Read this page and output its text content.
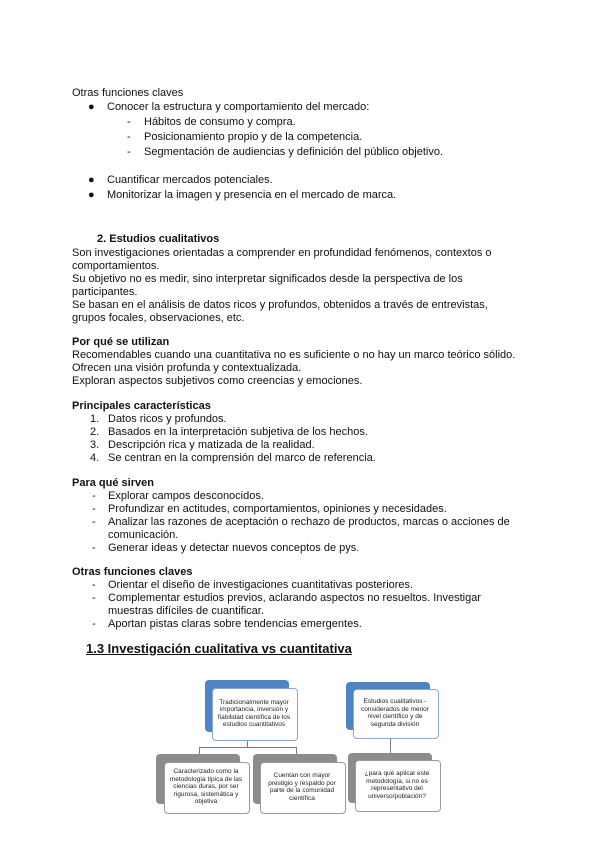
Otras funciones claves
● Conocer la estructura y comportamiento del mercado:
- Hábitos de consumo y compra.
- Posicionamiento propio y de la competencia.
- Segmentación de audiencias y definición del público objetivo.
● Cuantificar mercados potenciales.
● Monitorizar la imagen y presencia en el mercado de marca.
2. Estudios cualitativos
Son investigaciones orientadas a comprender en profundidad fenómenos, contextos o
comportamientos.
Su objetivo no es medir, sino interpretar significados desde la perspectiva de los
participantes.
Se basan en el análisis de datos ricos y profundos, obtenidos a través de entrevistas,
grupos focales, observaciones, etc.
Por qué se utilizan
Recomendables cuando una cuantitativa no es suficiente o no hay un marco teórico sólido.
Ofrecen una visión profunda y contextualizada.
Exploran aspectos subjetivos como creencias y emociones.
Principales características
1. Datos ricos y profundos.
2. Basados en la interpretación subjetiva de los hechos.
3. Descripción rica y matizada de la realidad.
4. Se centran en la comprensión del marco de referencia.
Para qué sirven
- Explorar campos desconocidos.
- Profundizar en actitudes, comportamientos, opiniones y necesidades.
- Analizar las razones de aceptación o rechazo de productos, marcas o acciones de
comunicación.
- Generar ideas y detectar nuevos conceptos de pys.
Otras funciones claves
- Orientar el diseño de investigaciones cuantitativas posteriores.
- Complementar estudios previos, aclarando aspectos no resueltos. Investigar
muestras difíciles de cuantificar.
- Aportan pistas claras sobre tendencias emergentes.
1.3 Investigación cualitativa vs cuantitativa
Tradicionalmente mayor importancia, inversión y fiabilidad científica de los estudios cuantitativos
Caracterizado como la metodología típica de las ciencias duras, por ser rigurosa, sistemática y objetiva
Cuentan con mayor prestigio y respaldo por parte de la comunidad científica
Estudios cualitativos - considerados de menor nivel científico y de segunda división
¿para qué aplicar este metodología, si no es representativo del universo/población?
